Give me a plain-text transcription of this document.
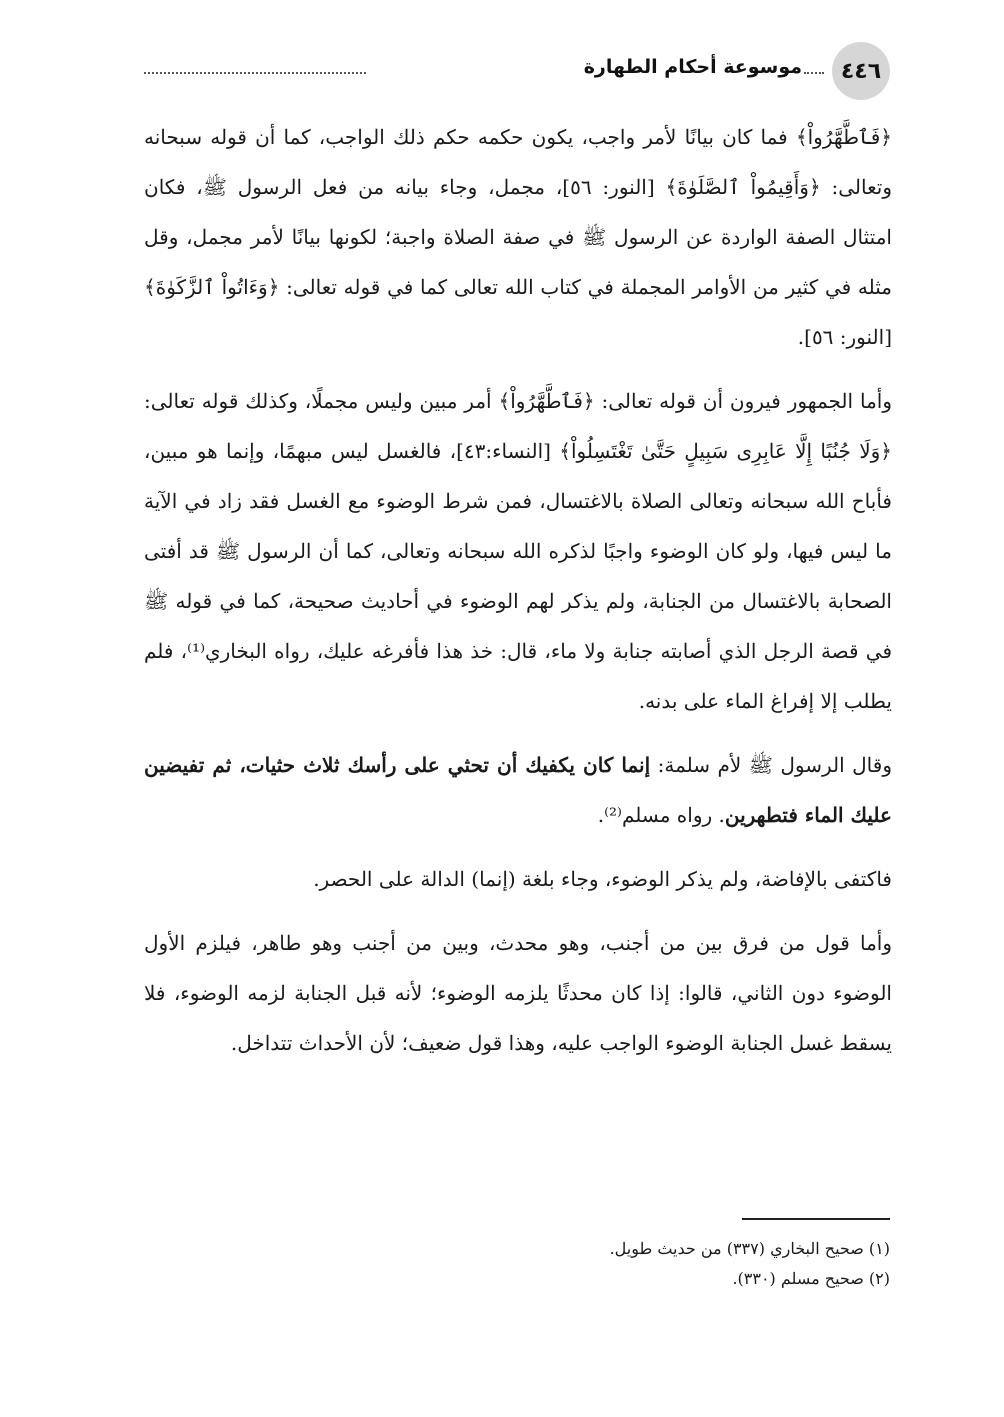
٤٤٦
موسوعة أحكام الطهارة

﴿فَٱطَّهَّرُواْ﴾ فما كان بيانًا لأمر واجب، يكون حكمه حكم ذلك الواجب، كما أن قوله سبحانه وتعالى: ﴿وَأَقِيمُواْ ٱلصَّلَوٰةَ﴾ [النور: ٥٦]، مجمل، وجاء بيانه من فعل الرسول ﷺ، فكان امتثال الصفة الواردة عن الرسول ﷺ في صفة الصلاة واجبة؛ لكونها بيانًا لأمر مجمل، وقل مثله في كثير من الأوامر المجملة في كتاب الله تعالى كما في قوله تعالى: ﴿وَءَاتُواْ ٱلزَّكَوٰةَ﴾ [النور: ٥٦].

وأما الجمهور فيرون أن قوله تعالى: ﴿فَٱطَّهَّرُواْ﴾ أمر مبين وليس مجملًا، وكذلك قوله تعالى: ﴿وَلَا جُنُبًا إِلَّا عَابِرِى سَبِيلٍ حَتَّىٰ تَغْتَسِلُواْ﴾ [النساء:٤٣]، فالغسل ليس مبهمًا، وإنما هو مبين، فأباح الله سبحانه وتعالى الصلاة بالاغتسال، فمن شرط الوضوء مع الغسل فقد زاد في الآية ما ليس فيها، ولو كان الوضوء واجبًا لذكره الله سبحانه وتعالى، كما أن الرسول ﷺ قد أفتى الصحابة بالاغتسال من الجنابة، ولم يذكر لهم الوضوء في أحاديث صحيحة، كما في قوله ﷺ في قصة الرجل الذي أصابته جنابة ولا ماء، قال: خذ هذا فأفرغه عليك، رواه البخاري⁽¹⁾، فلم يطلب إلا إفراغ الماء على بدنه.

وقال الرسول ﷺ لأم سلمة: إنما كان يكفيك أن تحثي على رأسك ثلاث حثيات، ثم تفيضين عليك الماء فتطهرين. رواه مسلم⁽²⁾.

فاكتفى بالإفاضة، ولم يذكر الوضوء، وجاء بلغة (إنما) الدالة على الحصر.

وأما قول من فرق بين من أجنب، وهو محدث، وبين من أجنب وهو طاهر، فيلزم الأول الوضوء دون الثاني، قالوا: إذا كان محدثًا يلزمه الوضوء؛ لأنه قبل الجنابة لزمه الوضوء، فلا يسقط غسل الجنابة الوضوء الواجب عليه، وهذا قول ضعيف؛ لأن الأحداث تتداخل.

(١) صحيح البخاري (٣٣٧) من حديث طويل.
(٢) صحيح مسلم (٣٣٠).
